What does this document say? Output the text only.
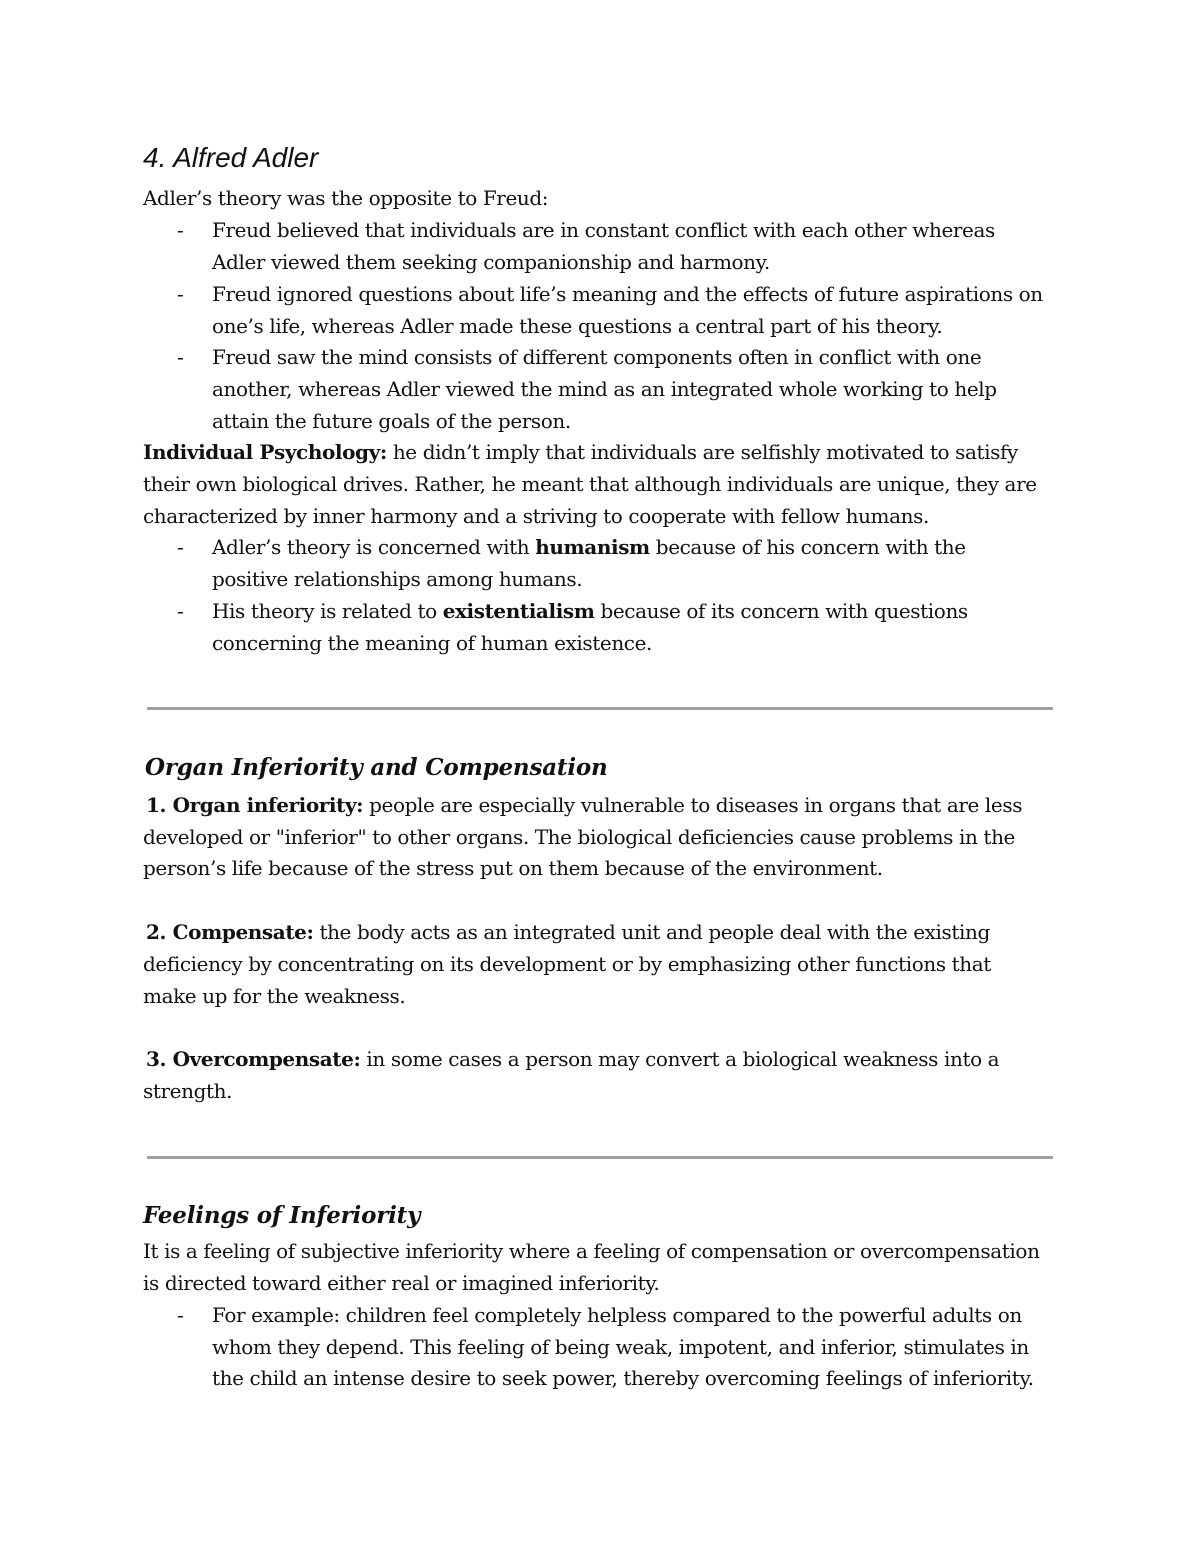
4. Alfred Adler
Adler’s theory was the opposite to Freud:
- Freud believed that individuals are in constant conflict with each other whereas
Adler viewed them seeking companionship and harmony.
- Freud ignored questions about life’s meaning and the effects of future aspirations on
one’s life, whereas Adler made these questions a central part of his theory.
- Freud saw the mind consists of different components often in conflict with one
another, whereas Adler viewed the mind as an integrated whole working to help
attain the future goals of the person.
Individual Psychology: he didn’t imply that individuals are selfishly motivated to satisfy
their own biological drives. Rather, he meant that although individuals are unique, they are
characterized by inner harmony and a striving to cooperate with fellow humans.
- Adler’s theory is concerned with humanism because of his concern with the
positive relationships among humans.
- His theory is related to existentialism because of its concern with questions
concerning the meaning of human existence.
Organ Inferiority and Compensation
1. Organ inferiority: people are especially vulnerable to diseases in organs that are less
developed or "inferior" to other organs. The biological deficiencies cause problems in the
person’s life because of the stress put on them because of the environment.
2. Compensate: the body acts as an integrated unit and people deal with the existing
deficiency by concentrating on its development or by emphasizing other functions that
make up for the weakness.
3. Overcompensate: in some cases a person may convert a biological weakness into a
strength.
Feelings of Inferiority
It is a feeling of subjective inferiority where a feeling of compensation or overcompensation
is directed toward either real or imagined inferiority.
- For example: children feel completely helpless compared to the powerful adults on
whom they depend. This feeling of being weak, impotent, and inferior, stimulates in
the child an intense desire to seek power, thereby overcoming feelings of inferiority.
